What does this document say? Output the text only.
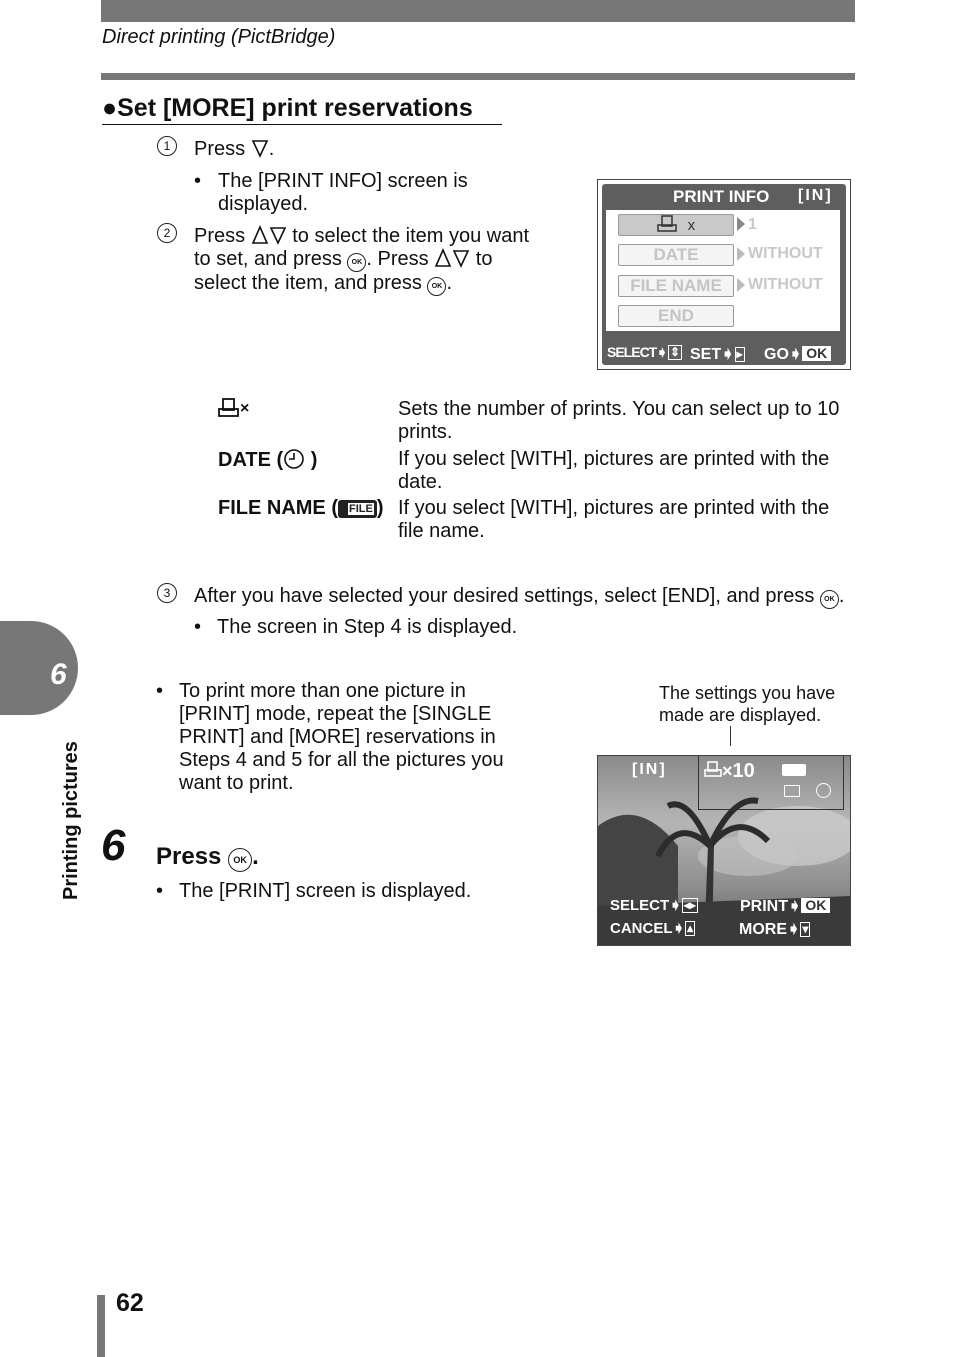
Direct printing (PictBridge)
●Set [MORE] print reservations
1	Press .
• The [PRINT INFO] screen is displayed.
2	Press  to select the item you want
to set, and press OK . Press  to
select the item, and press OK .
PRINT INFO [IN]
x	1
DATE	WITHOUT
FILE NAME	WITHOUT
END
SELECT➧ ⇕ SET➧ ▸ GO➧ OK
×	Sets the number of prints. You can select up to 10 prints.
DATE ( )	If you select [WITH], pictures are printed with the date.
FILE NAME ( FILE ) If you select [WITH], pictures are printed with the file name.
3	After you have selected your desired settings, select [END], and press OK .
• The screen in Step 4 is displayed.
• To print more than one picture in [PRINT] mode, repeat the [SINGLE PRINT] and [MORE] reservations in Steps 4 and 5 for all the pictures you want to print.
6 Press OK .
• The [PRINT] screen is displayed.
The settings you have made are displayed.
[IN]	×10
SELECT➧ ◂▸	PRINT➧ OK
CANCEL➧ ▴	MORE➧ ▾
6
Printing pictures
62
